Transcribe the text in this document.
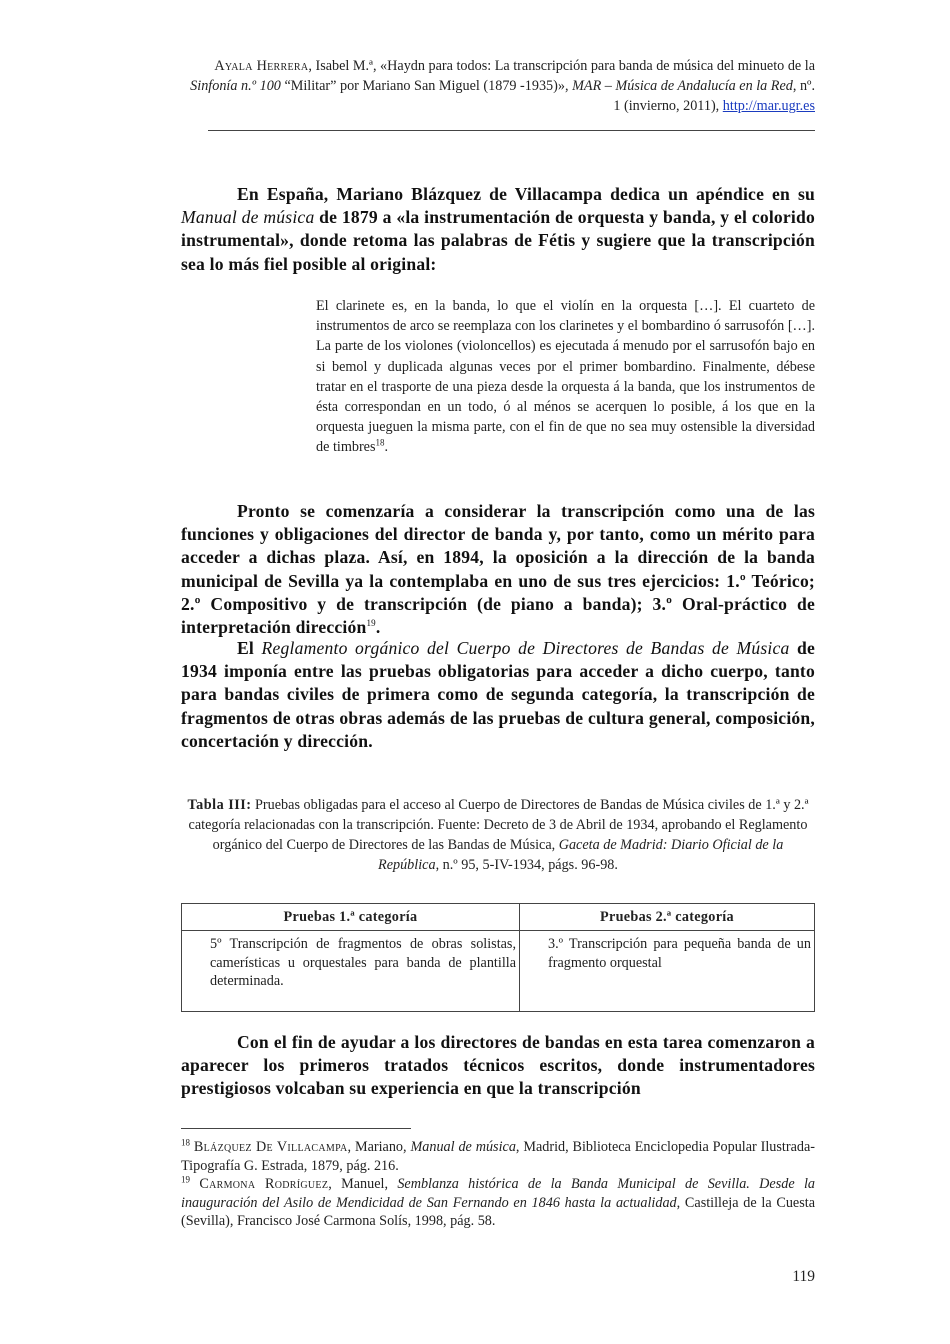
Ayala Herrera, Isabel M.ª, «Haydn para todos: La transcripción para banda de música del minueto de la Sinfonía n.º 100 “Militar” por Mariano San Miguel (1879 -1935)», MAR – Música de Andalucía en la Red, nº. 1 (invierno, 2011), http://mar.ugr.es
En España, Mariano Blázquez de Villacampa dedica un apéndice en su Manual de música de 1879 a «la instrumentación de orquesta y banda, y el colorido instrumental», donde retoma las palabras de Fétis y sugiere que la transcripción sea lo más fiel posible al original:
El clarinete es, en la banda, lo que el violín en la orquesta […]. El cuarteto de instrumentos de arco se reemplaza con los clarinetes y el bombardino ó sarrusofón […]. La parte de los violones (violoncellos) es ejecutada á menudo por el sarrusofón bajo en si bemol y duplicada algunas veces por el primer bombardino. Finalmente, débese tratar en el trasporte de una pieza desde la orquesta á la banda, que los instrumentos de ésta correspondan en un todo, ó al ménos se acerquen lo posible, á los que en la orquesta jueguen la misma parte, con el fin de que no sea muy ostensible la diversidad de timbres$^{18}$.
Pronto se comenzaría a considerar la transcripción como una de las funciones y obligaciones del director de banda y, por tanto, como un mérito para acceder a dichas plaza. Así, en 1894, la oposición a la dirección de la banda municipal de Sevilla ya la contemplaba en uno de sus tres ejercicios: 1.º Teórico; 2.º Compositivo y de transcripción (de piano a banda); 3.º Oral-práctico de interpretación dirección$^{19}$.
El Reglamento orgánico del Cuerpo de Directores de Bandas de Música de 1934 imponía entre las pruebas obligatorias para acceder a dicho cuerpo, tanto para bandas civiles de primera como de segunda categoría, la transcripción de fragmentos de otras obras además de las pruebas de cultura general, composición, concertación y dirección.
Tabla III: Pruebas obligadas para el acceso al Cuerpo de Directores de Bandas de Música civiles de 1.ª y 2.ª categoría relacionadas con la transcripción. Fuente: Decreto de 3 de Abril de 1934, aprobando el Reglamento orgánico del Cuerpo de Directores de las Bandas de Música, Gaceta de Madrid: Diario Oficial de la República, n.º 95, 5-IV-1934, págs. 96-98.
Pruebas 1.ª categoría	Pruebas 2.ª categoría
5º Transcripción de fragmentos de obras solistas, camerísticas u orquestales para banda de plantilla determinada.	3.º Transcripción para pequeña banda de un fragmento orquestal
Con el fin de ayudar a los directores de bandas en esta tarea comenzaron a aparecer los primeros tratados técnicos escritos, donde instrumentadores prestigiosos volcaban su experiencia en que la transcripción

$^{18}$ Blázquez De Villacampa, Mariano, Manual de música, Madrid, Biblioteca Enciclopedia Popular Ilustrada-Tipografía G. Estrada, 1879, pág. 216.

$^{19}$ Carmona Rodríguez, Manuel, Semblanza histórica de la Banda Municipal de Sevilla. Desde la inauguración del Asilo de Mendicidad de San Fernando en 1846 hasta la actualidad, Castilleja de la Cuesta (Sevilla), Francisco José Carmona Solís, 1998, pág. 58.

119
